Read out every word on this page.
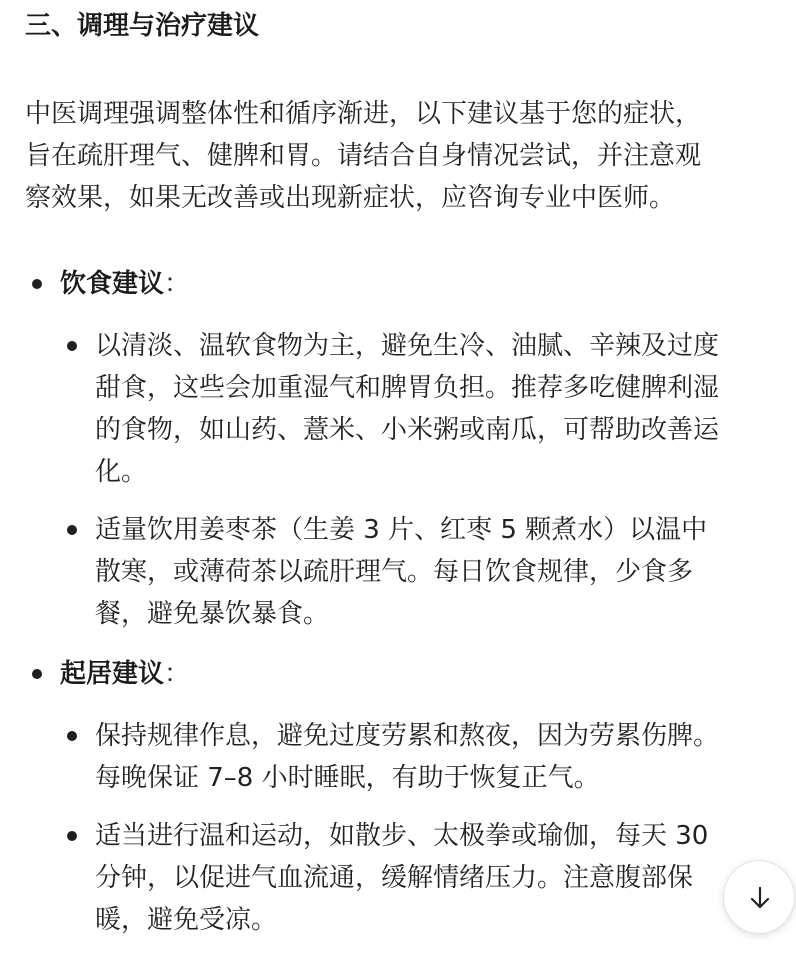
三、调理与治疗建议
中医调理强调整体性和循序渐进，以下建议基于您的症状，
旨在疏肝理气、健脾和胃。请结合自身情况尝试，并注意观
察效果，如果无改善或出现新症状，应咨询专业中医师。
饮食建议：
以清淡、温软食物为主，避免生冷、油腻、辛辣及过度
甜食，这些会加重湿气和脾胃负担。推荐多吃健脾利湿
的食物，如山药、薏米、小米粥或南瓜，可帮助改善运
化。
适量饮用姜枣茶（生姜 3 片、红枣 5 颗煮水）以温中
散寒，或薄荷茶以疏肝理气。每日饮食规律，少食多
餐，避免暴饮暴食。
起居建议：
保持规律作息，避免过度劳累和熬夜，因为劳累伤脾。
每晚保证 7–8 小时睡眠，有助于恢复正气。
适当进行温和运动，如散步、太极拳或瑜伽，每天 30
分钟，以促进气血流通，缓解情绪压力。注意腹部保
暖，避免受凉。
